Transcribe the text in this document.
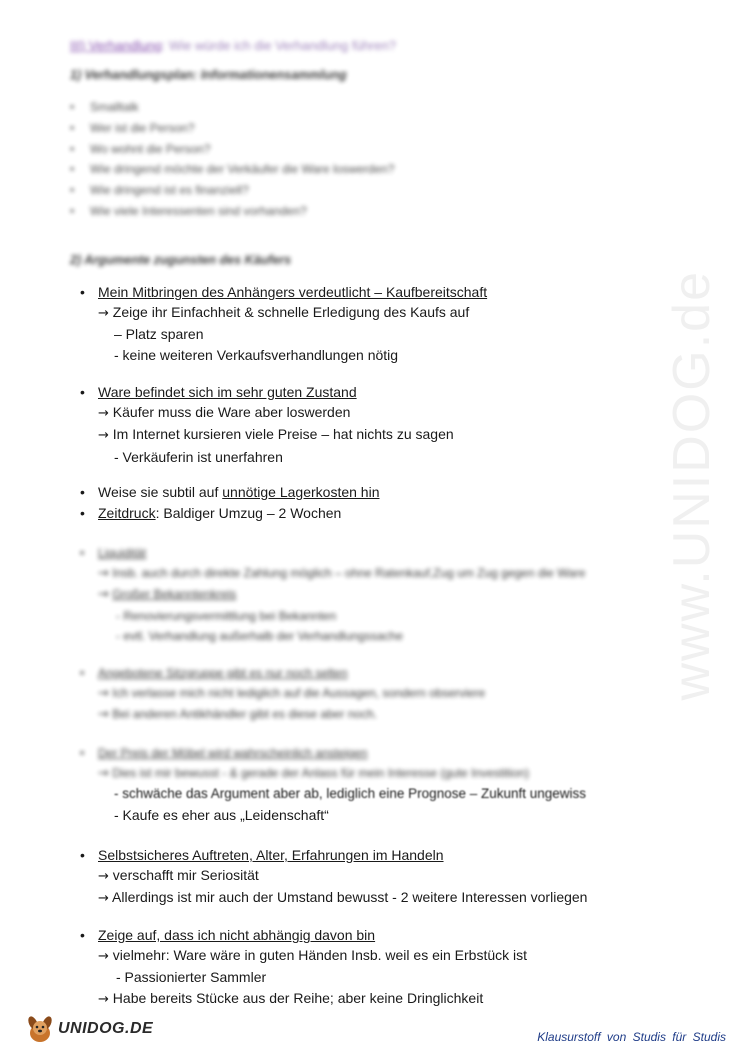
www.UNIDOG.de
III) Verhandlung: Wie würde ich die Verhandlung führen?
1) Verhandlungsplan: Informationensammlung
• Smalltalk
• Wer ist die Person?
• Wo wohnt die Person?
• Wie dringend möchte der Verkäufer die Ware loswerden?
• Wie dringend ist es finanziell?
• Wie viele Interessenten sind vorhanden?
2) Argumente zugunsten des Käufers
• Mein Mitbringen des Anhängers verdeutlicht – Kaufbereitschaft
→ Zeige ihr Einfachheit & schnelle Erledigung des Kaufs auf
– Platz sparen
- keine weiteren Verkaufsverhandlungen nötig
• Ware befindet sich im sehr guten Zustand
→ Käufer muss die Ware aber loswerden
→ Im Internet kursieren viele Preise – hat nichts zu sagen
- Verkäuferin ist unerfahren
• Weise sie subtil auf unnötige Lagerkosten hin
• Zeitdruck: Baldiger Umzug – 2 Wochen
•	Liquidität
→ Insb. auch durch direkte Zahlung möglich – ohne Ratenkauf,Zug um Zug gegen die Ware
→ Großer Bekanntenkreis
- Renovierungsvermittlung bei Bekannten
- evtl. Verhandlung außerhalb der Verhandlungssache
•	Angebotene Sitzgruppe gibt es nur noch selten
→ Ich verlasse mich nicht lediglich auf die Aussagen, sondern observiere
→ Bei anderen Antikhändler gibt es diese aber noch.
•	Der Preis der Möbel wird wahrscheinlich ansteigen
→ Dies ist mir bewusst - & gerade der Anlass für mein Interesse (gute Investition)
- schwäche das Argument aber ab, lediglich eine Prognose – Zukunft ungewiss
- Kaufe es eher aus „Leidenschaft“
• Selbstsicheres Auftreten, Alter, Erfahrungen im Handeln
→ verschafft mir Seriosität
→ Allerdings ist mir auch der Umstand bewusst - 2 weitere Interessen vorliegen
• Zeige auf, dass ich nicht abhängig davon bin
→ vielmehr: Ware wäre in guten Händen Insb. weil es ein Erbstück ist
- Passionierter Sammler
→ Habe bereits Stücke aus der Reihe; aber keine Dringlichkeit
UNIDOG.DE	Klausurstoff von Studis für Studis
